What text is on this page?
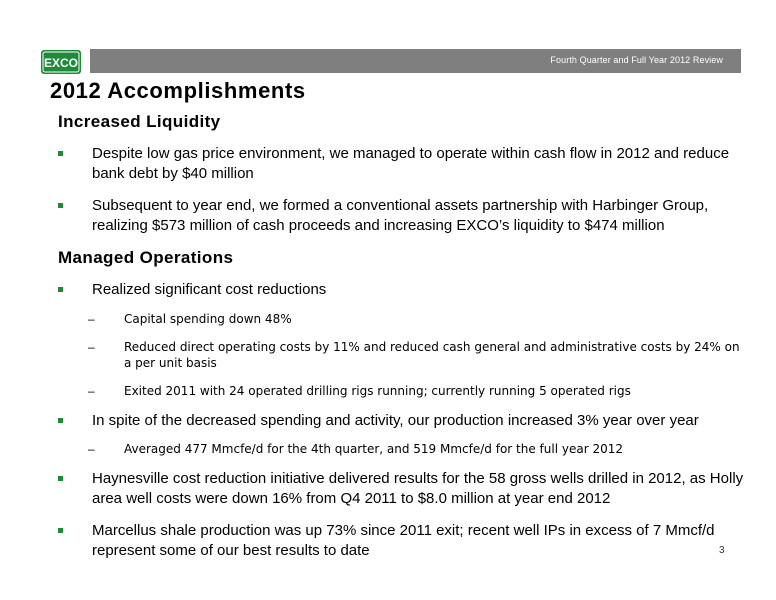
EXCO	Fourth Quarter and Full Year 2012 Review
2012 Accomplishments
Increased Liquidity
Despite low gas price environment, we managed to operate within cash flow in 2012 and reduce bank debt by $40 million
Subsequent to year end, we formed a conventional assets partnership with Harbinger Group, realizing $573 million of cash proceeds and increasing EXCO’s liquidity to $474 million
Managed Operations
Realized significant cost reductions
– Capital spending down 48%
– Reduced direct operating costs by 11% and reduced cash general and administrative costs by 24% on a per unit basis
– Exited 2011 with 24 operated drilling rigs running; currently running 5 operated rigs
In spite of the decreased spending and activity, our production increased 3% year over year
– Averaged 477 Mmcfe/d for the 4th quarter, and 519 Mmcfe/d for the full year 2012
Haynesville cost reduction initiative delivered results for the 58 gross wells drilled in 2012, as Holly area well costs were down 16% from Q4 2011 to $8.0 million at year end 2012
Marcellus shale production was up 73% since 2011 exit; recent well IPs in excess of 7 Mmcf/d represent some of our best results to date	3
